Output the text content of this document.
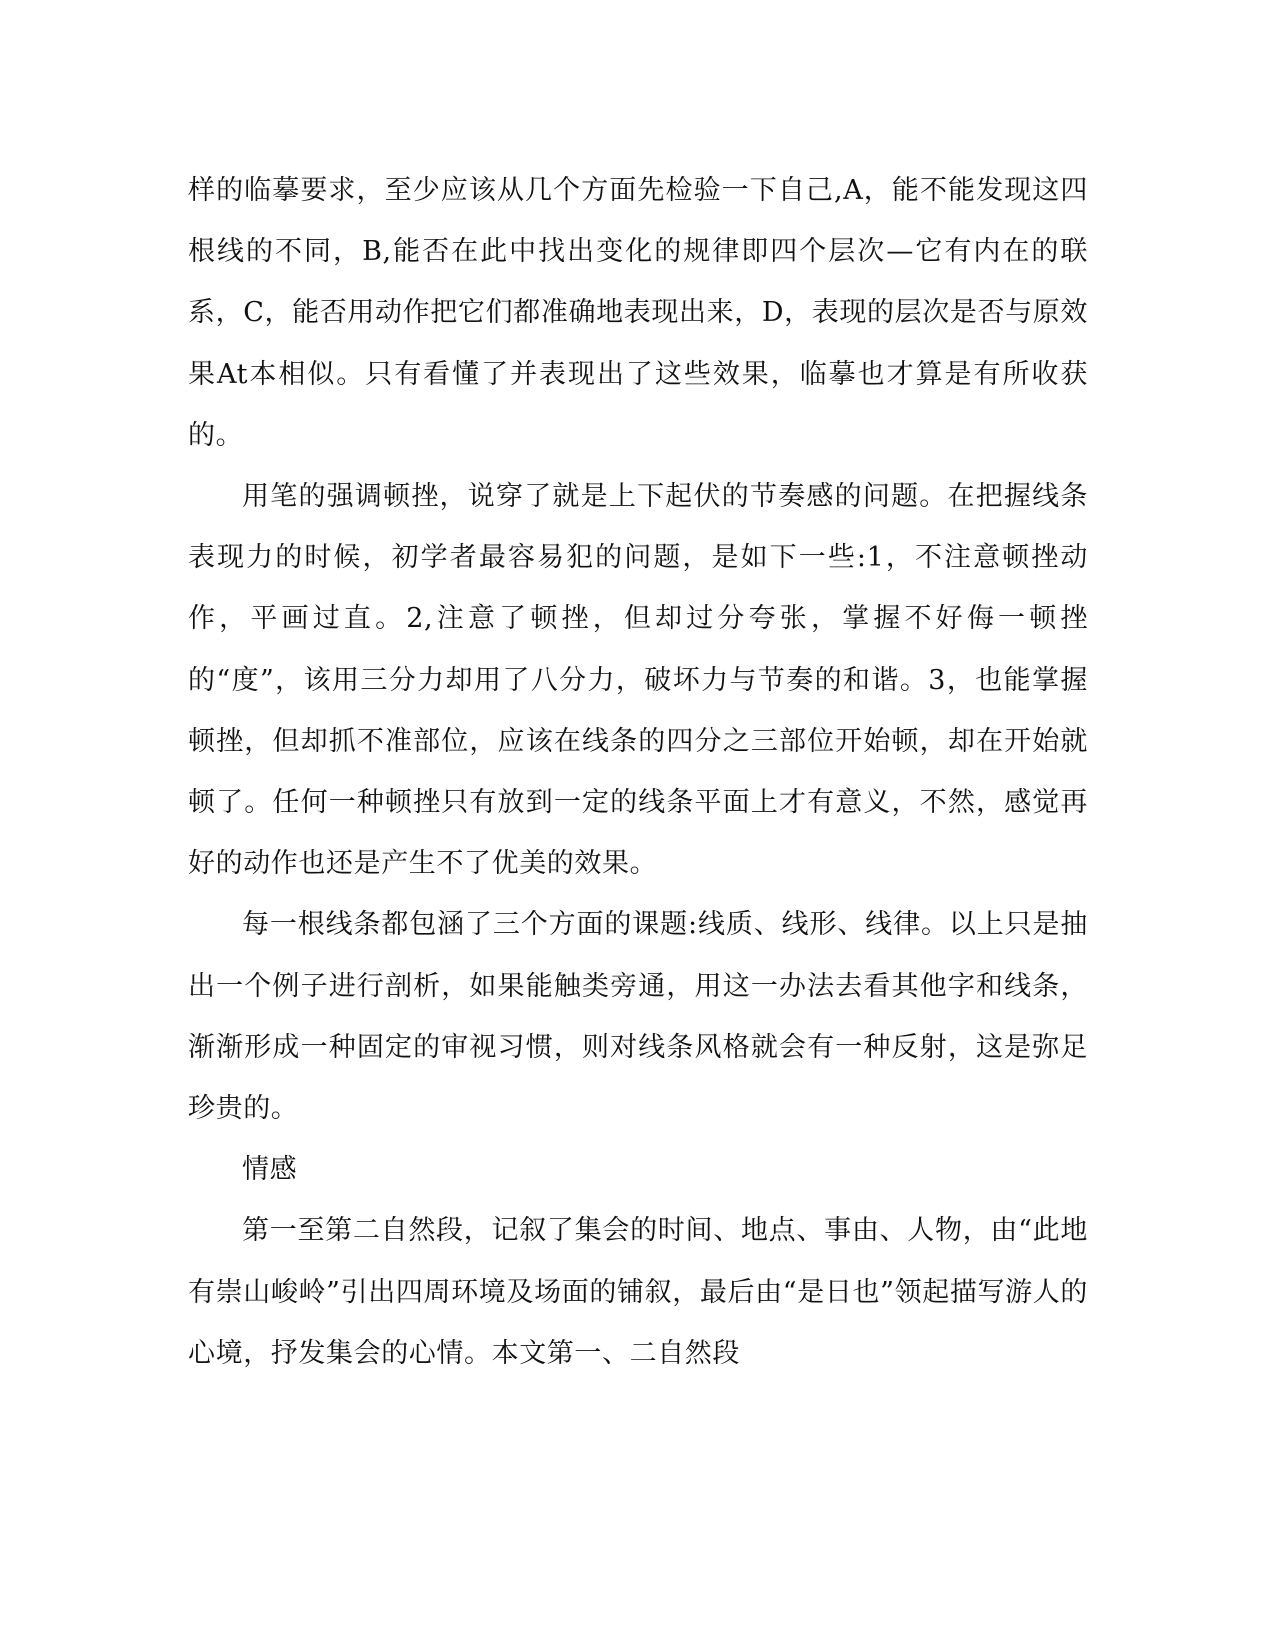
样的临摹要求，至少应该从几个方面先检验一下自己,A，能不能发现这四根线的不同，B,能否在此中找出变化的规律即四个层次—它有内在的联系，C，能否用动作把它们都准确地表现出来，D，表现的层次是否与原效果At本相似。只有看懂了并表现出了这些效果，临摹也才算是有所收获的。

用笔的强调顿挫，说穿了就是上下起伏的节奏感的问题。在把握线条表现力的时候，初学者最容易犯的问题，是如下一些:1，不注意顿挫动作，平画过直。2,注意了顿挫，但却过分夸张，掌握不好侮一顿挫的“度”，该用三分力却用了八分力，破坏力与节奏的和谐。3，也能掌握顿挫，但却抓不准部位，应该在线条的四分之三部位开始顿，却在开始就顿了。任何一种顿挫只有放到一定的线条平面上才有意义，不然，感觉再好的动作也还是产生不了优美的效果。

每一根线条都包涵了三个方面的课题:线质、线形、线律。以上只是抽出一个例子进行剖析，如果能触类旁通，用这一办法去看其他字和线条，渐渐形成一种固定的审视习惯，则对线条风格就会有一种反射，这是弥足珍贵的。

情感

第一至第二自然段，记叙了集会的时间、地点、事由、人物，由“此地有崇山峻岭”引出四周环境及场面的铺叙，最后由“是日也”领起描写游人的心境，抒发集会的心情。本文第一、二自然段
